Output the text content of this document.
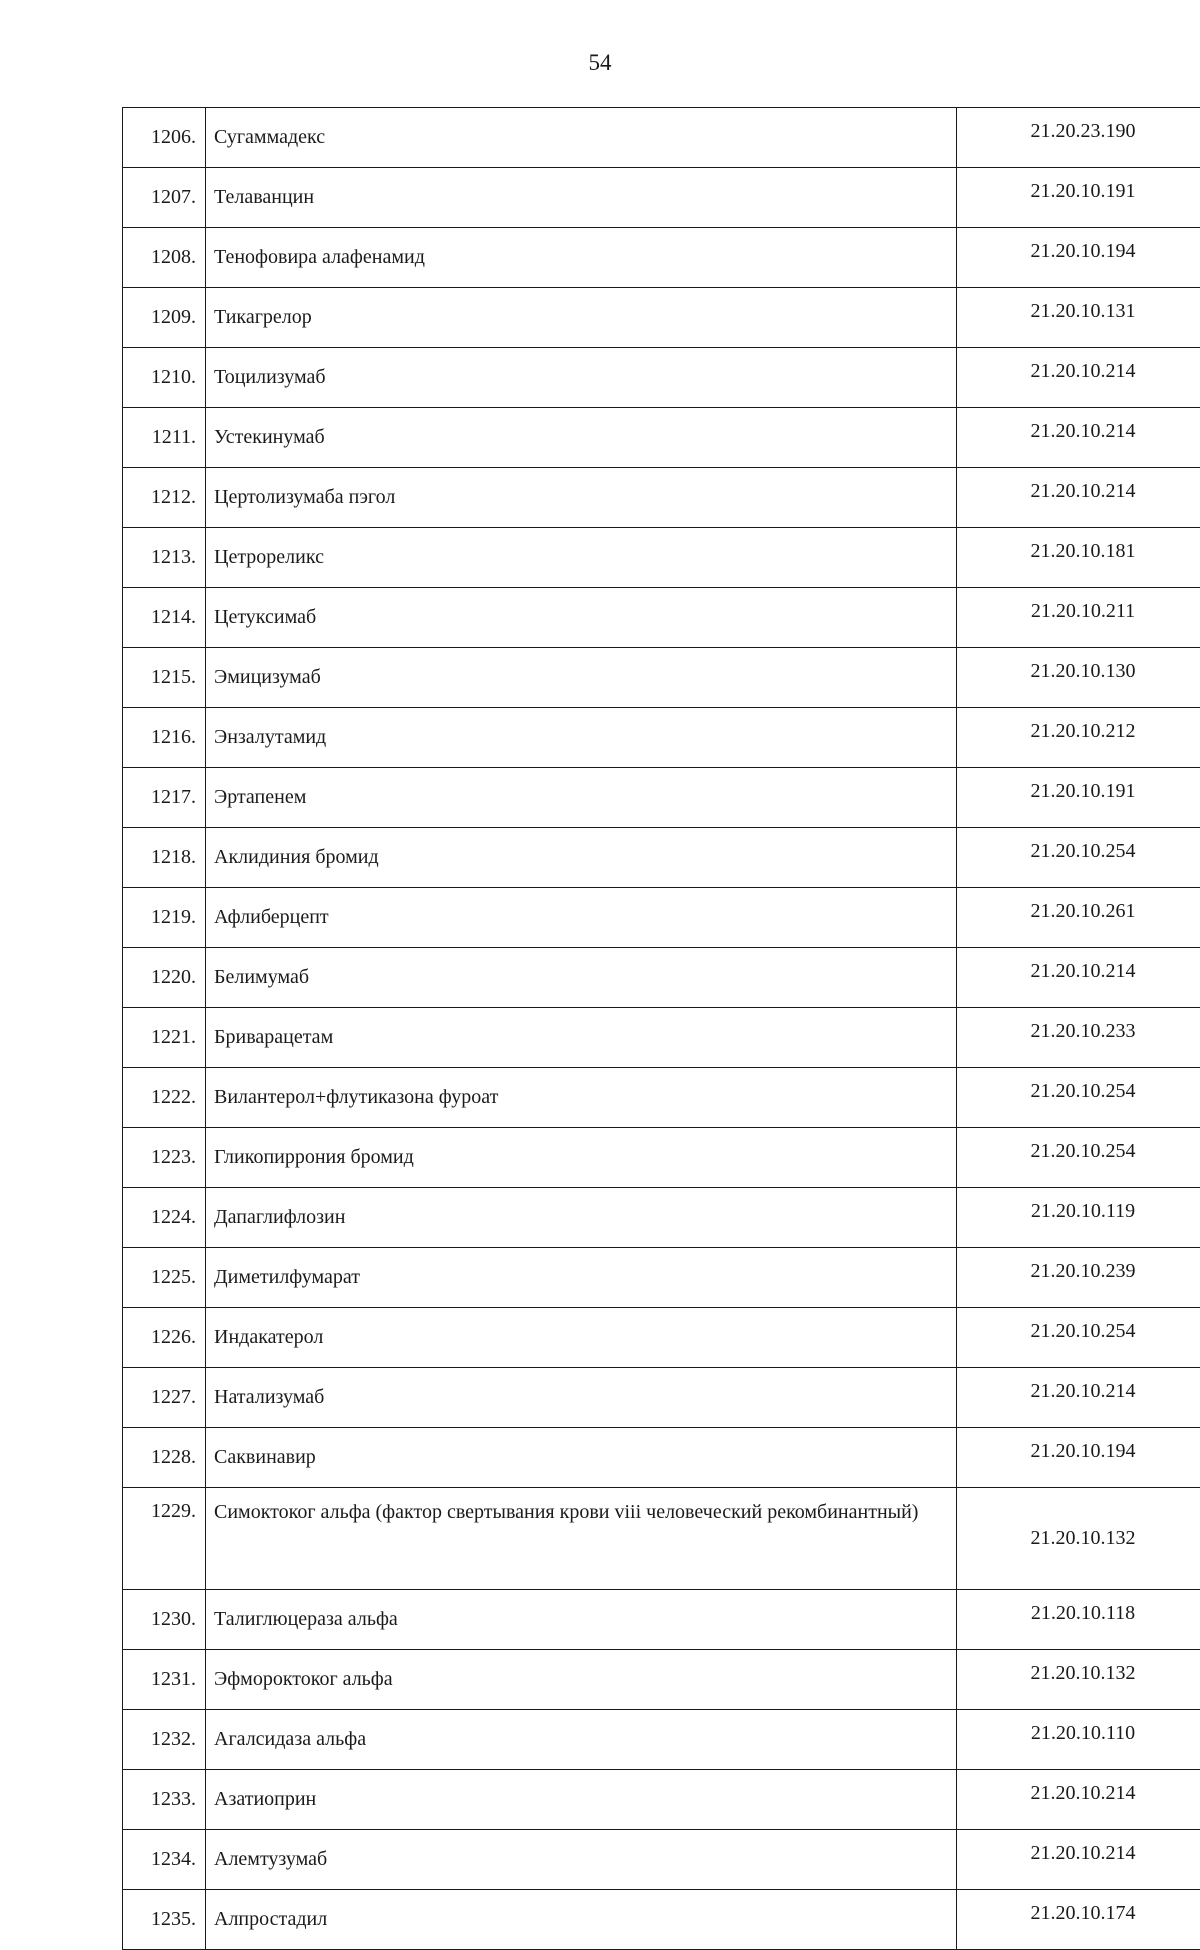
54
1206.	Сугаммадекс	21.20.23.190
1207.	Телаванцин	21.20.10.191
1208.	Тенофовира алафенамид	21.20.10.194
1209.	Тикагрелор	21.20.10.131
1210.	Тоцилизумаб	21.20.10.214
1211.	Устекинумаб	21.20.10.214
1212.	Цертолизумаба пэгол	21.20.10.214
1213.	Цетрореликс	21.20.10.181
1214.	Цетуксимаб	21.20.10.211
1215.	Эмицизумаб	21.20.10.130
1216.	Энзалутамид	21.20.10.212
1217.	Эртапенем	21.20.10.191
1218.	Аклидиния бромид	21.20.10.254
1219.	Афлиберцепт	21.20.10.261
1220.	Белимумаб	21.20.10.214
1221.	Бриварацетам	21.20.10.233
1222.	Вилантерол+флутиказона фуроат	21.20.10.254
1223.	Гликопиррония бромид	21.20.10.254
1224.	Дапаглифлозин	21.20.10.119
1225.	Диметилфумарат	21.20.10.239
1226.	Индакатерол	21.20.10.254
1227.	Натализумаб	21.20.10.214
1228.	Саквинавир	21.20.10.194
1229.	Симоктоког альфа (фактор свертывания крови viii человеческий рекомбинантный)	21.20.10.132
1230.	Талиглюцераза альфа	21.20.10.118
1231.	Эфмороктоког альфа	21.20.10.132
1232.	Агалсидаза альфа	21.20.10.110
1233.	Азатиоприн	21.20.10.214
1234.	Алемтузумаб	21.20.10.214
1235.	Алпростадил	21.20.10.174
